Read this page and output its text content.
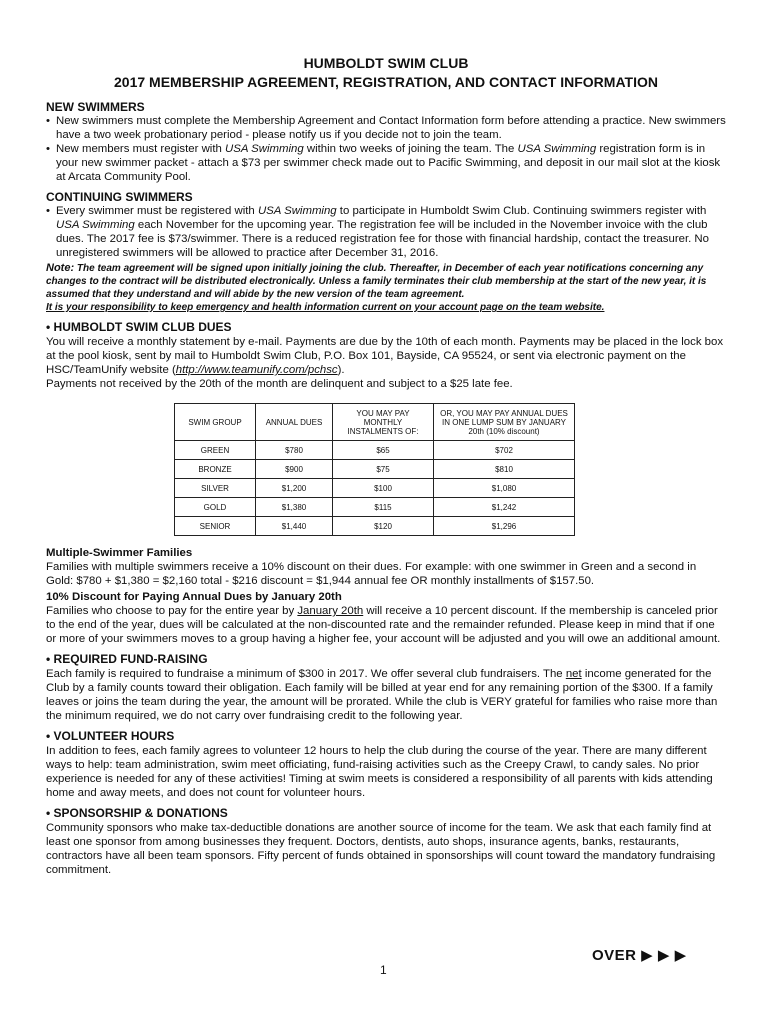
HUMBOLDT SWIM CLUB
2017 MEMBERSHIP AGREEMENT, REGISTRATION, AND CONTACT INFORMATION
NEW SWIMMERS
• New swimmers must complete the Membership Agreement and Contact Information form before attending a practice. New swimmers have a two week probationary period - please notify us if you decide not to join the team.
• New members must register with USA Swimming within two weeks of joining the team. The USA Swimming registration form is in your new swimmer packet - attach a $73 per swimmer check made out to Pacific Swimming, and deposit in our mail slot at the kiosk at Arcata Community Pool.
CONTINUING SWIMMERS
• Every swimmer must be registered with USA Swimming to participate in Humboldt Swim Club. Continuing swimmers register with USA Swimming each November for the upcoming year. The registration fee will be included in the November invoice with the club dues. The 2017 fee is $73/swimmer. There is a reduced registration fee for those with financial hardship, contact the treasurer. No unregistered swimmers will be allowed to practice after December 31, 2016.
Note: The team agreement will be signed upon initially joining the club. Thereafter, in December of each year notifications concerning any changes to the contract will be distributed electronically. Unless a family terminates their club membership at the start of the new year, it is assumed that they understand and will abide by the new version of the team agreement.
It is your responsibility to keep emergency and health information current on your account page on the team website.
• HUMBOLDT SWIM CLUB DUES
You will receive a monthly statement by e-mail. Payments are due by the 10th of each month. Payments may be placed in the lock box at the pool kiosk, sent by mail to Humboldt Swim Club, P.O. Box 101, Bayside, CA 95524, or sent via electronic payment on the HSC/TeamUnify website (http://www.teamunify.com/pchsc).
Payments not received by the 20th of the month are delinquent and subject to a $25 late fee.
SWIM GROUP	ANNUAL DUES	YOU MAY PAY MONTHLY INSTALMENTS OF:	OR, YOU MAY PAY ANNUAL DUES IN ONE LUMP SUM BY JANUARY 20th (10% discount)
GREEN	$780	$65	$702
BRONZE	$900	$75	$810
SILVER	$1,200	$100	$1,080
GOLD	$1,380	$115	$1,242
SENIOR	$1,440	$120	$1,296
Multiple-Swimmer Families
Families with multiple swimmers receive a 10% discount on their dues. For example: with one swimmer in Green and a second in Gold: $780 + $1,380 = $2,160 total - $216 discount = $1,944 annual fee OR monthly installments of $157.50.
10% Discount for Paying Annual Dues by January 20th
Families who choose to pay for the entire year by January 20th will receive a 10 percent discount. If the membership is canceled prior to the end of the year, dues will be calculated at the non-discounted rate and the remainder refunded. Please keep in mind that if one or more of your swimmers moves to a group having a higher fee, your account will be adjusted and you will owe an additional amount.
• REQUIRED FUND-RAISING
Each family is required to fundraise a minimum of $300 in 2017. We offer several club fundraisers. The net income generated for the Club by a family counts toward their obligation. Each family will be billed at year end for any remaining portion of the $300. If a family leaves or joins the team during the year, the amount will be prorated. While the club is VERY grateful for families who raise more than the minimum required, we do not carry over fundraising credit to the following year.
• VOLUNTEER HOURS
In addition to fees, each family agrees to volunteer 12 hours to help the club during the course of the year. There are many different ways to help: team administration, swim meet officiating, fund-raising activities such as the Creepy Crawl, to candy sales. No prior experience is needed for any of these activities! Timing at swim meets is considered a responsibility of all parents with kids attending home and away meets, and does not count for volunteer hours.
• SPONSORSHIP & DONATIONS
Community sponsors who make tax-deductible donations are another source of income for the team. We ask that each family find at least one sponsor from among businesses they frequent. Doctors, dentists, auto shops, insurance agents, banks, restaurants, contractors have all been team sponsors. Fifty percent of funds obtained in sponsorships will count toward the mandatory fundraising commitment.
OVER ▶ ▶ ▶
1
